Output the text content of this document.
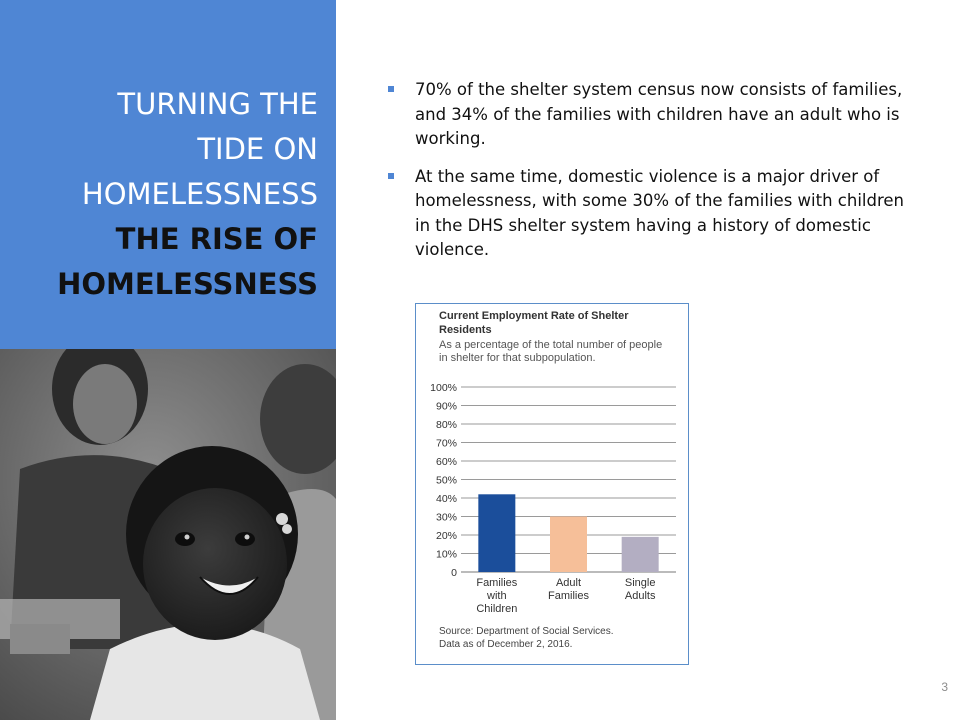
TURNING THE
TIDE ON
HOMELESSNESS
THE RISE OF
HOMELESSNESS
70% of the shelter system census now consists of families, and 34% of the families with children have an adult who is working.
At the same time, domestic violence is a major driver of homelessness, with some 30% of the families with children in the DHS shelter system having a history of domestic violence.
Current Employment Rate of Shelter
Residents
As a percentage of the total number of people
in shelter for that subpopulation.
0
10%
20%
30%
40%
50%
60%
70%
80%
90%
100%
Families
with
Children
Adult
Families
Single
Adults
Source: Department of Social Services.
Data as of December 2, 2016.
3
